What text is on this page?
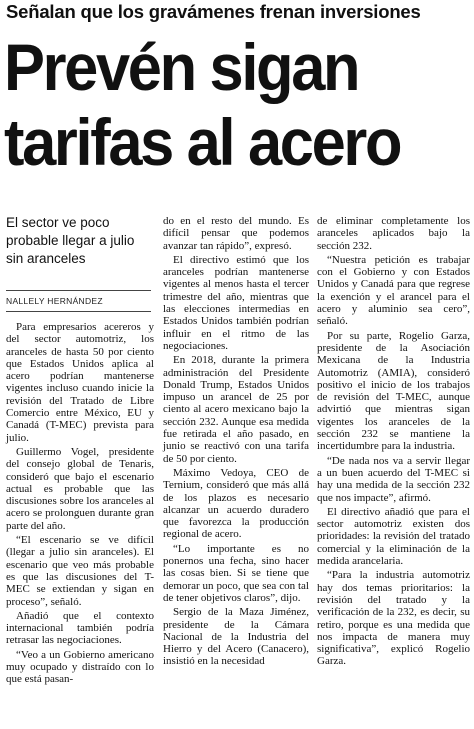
Señalan que los gravámenes frenan inversiones
Prevén sigan
tarifas al acero
El sector ve poco probable llegar a julio sin aranceles
NALLELY HERNÁNDEZ

Para empresarios acereros y del sector automotriz, los aranceles de hasta 50 por ciento que Estados Unidos aplica al acero podrían mantenerse vigentes incluso cuando inicie la revisión del Tratado de Libre Comercio entre México, EU y Canadá (T-MEC) prevista para julio.

Guillermo Vogel, presidente del consejo global de Tenaris, consideró que bajo el escenario actual es probable que las discusiones sobre los aranceles al acero se prolonguen durante gran parte del año.

“El escenario se ve difícil (llegar a julio sin aranceles). El escenario que veo más probable es que las discusiones del T-MEC se extiendan y sigan en proceso”, señaló.

Añadió que el contexto internacional también podría retrasar las negociaciones.

“Veo a un Gobierno americano muy ocupado y distraído con lo que está pasan-

do en el resto del mundo. Es difícil pensar que podemos avanzar tan rápido”, expresó.

El directivo estimó que los aranceles podrían mantenerse vigentes al menos hasta el tercer trimestre del año, mientras que las elecciones intermedias en Estados Unidos también podrían influir en el ritmo de las negociaciones.

En 2018, durante la primera administración del Presidente Donald Trump, Estados Unidos impuso un arancel de 25 por ciento al acero mexicano bajo la sección 232. Aunque esa medida fue retirada el año pasado, en junio se reactivó con una tarifa de 50 por ciento.

Máximo Vedoya, CEO de Ternium, consideró que más allá de los plazos es necesario alcanzar un acuerdo duradero que favorezca la producción regional de acero.

“Lo importante es no ponernos una fecha, sino hacer las cosas bien. Si se tiene que demorar un poco, que sea con tal de tener objetivos claros”, dijo.

Sergio de la Maza Jiménez, presidente de la Cámara Nacional de la Industria del Hierro y del Acero (Canacero), insistió en la necesidad

de eliminar completamente los aranceles aplicados bajo la sección 232.

“Nuestra petición es trabajar con el Gobierno y con Estados Unidos y Canadá para que regrese la exención y el arancel para el acero y aluminio sea cero”, señaló.

Por su parte, Rogelio Garza, presidente de la Asociación Mexicana de la Industria Automotriz (AMIA), consideró positivo el inicio de los trabajos de revisión del T-MEC, aunque advirtió que mientras sigan vigentes los aranceles de la sección 232 se mantiene la incertidumbre para la industria.

“De nada nos va a servir llegar a un buen acuerdo del T-MEC si hay una medida de la sección 232 que nos impacte”, afirmó.

El directivo añadió que para el sector automotriz existen dos prioridades: la revisión del tratado comercial y la eliminación de la medida arancelaria.

“Para la industria automotriz hay dos temas prioritarios: la revisión del tratado y la verificación de la 232, es decir, su retiro, porque es una medida que nos impacta de manera muy significativa”, explicó Rogelio Garza.
